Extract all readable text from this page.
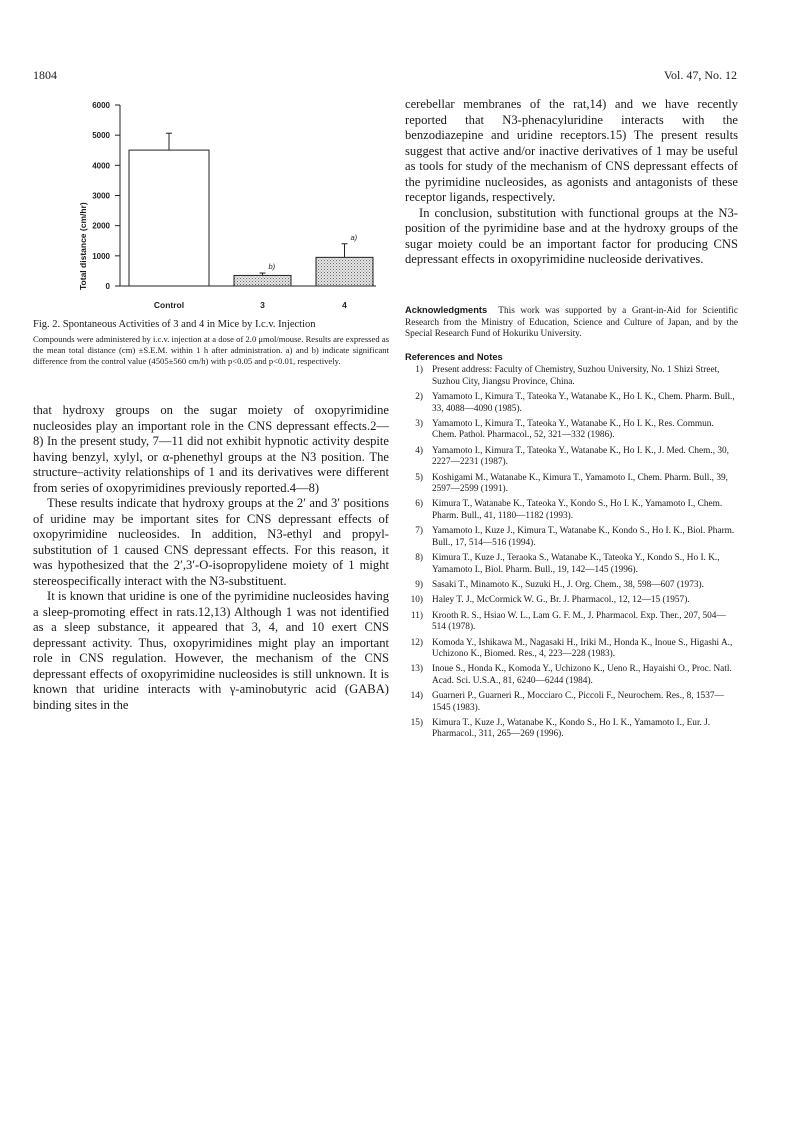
1804	Vol. 47, No. 12
0
1000
2000
3000
4000
5000
6000
Control
b)
3
a)
4
Total distance (cm/hr)
Fig. 2. Spontaneous Activities of 3 and 4 in Mice by I.c.v. Injection
Compounds were administered by i.c.v. injection at a dose of 2.0 μmol/mouse. Results are expressed as the mean total distance (cm) ±S.E.M. within 1 h after administration. a) and b) indicate significant difference from the control value (4505±560 cm/h) with p<0.05 and p<0.01, respectively.

that hydroxy groups on the sugar moiety of oxopyrimidine nucleosides play an important role in the CNS depressant effects.2—8) In the present study, 7—11 did not exhibit hypnotic activity despite having benzyl, xylyl, or α-phenethyl groups at the N3 position. The structure–activity relationships of 1 and its derivatives were different from series of oxopyrimidines previously reported.4—8)

These results indicate that hydroxy groups at the 2′ and 3′ positions of uridine may be important sites for CNS depressant effects of oxopyrimidine nucleosides. In addition, N3-ethyl and propyl-substitution of 1 caused CNS depressant effects. For this reason, it was hypothesized that the 2′,3′-O-isopropylidene moiety of 1 might stereospecifically interact with the N3-substituent.

It is known that uridine is one of the pyrimidine nucleosides having a sleep-promoting effect in rats.12,13) Although 1 was not identified as a sleep substance, it appeared that 3, 4, and 10 exert CNS depressant activity. Thus, oxopyrimidines might play an important role in CNS regulation. However, the mechanism of the CNS depressant effects of oxopyrimidine nucleosides is still unknown. It is known that uridine interacts with γ-aminobutyric acid (GABA) binding sites in the

cerebellar membranes of the rat,14) and we have recently reported that N3-phenacyluridine interacts with the benzodiazepine and uridine receptors.15) The present results suggest that active and/or inactive derivatives of 1 may be useful as tools for study of the mechanism of CNS depressant effects of the pyrimidine nucleosides, as agonists and antagonists of these receptor ligands, respectively.

In conclusion, substitution with functional groups at the N3-position of the pyrimidine base and at the hydroxy groups of the sugar moiety could be an important factor for producing CNS depressant effects in oxopyrimidine nucleoside derivatives.

Acknowledgments This work was supported by a Grant-in-Aid for Scientific Research from the Ministry of Education, Science and Culture of Japan, and by the Special Research Fund of Hokuriku University.
References and Notes
1) Present address: Faculty of Chemistry, Suzhou University, No. 1 Shizi Street, Suzhou City, Jiangsu Province, China.
2) Yamamoto I., Kimura T., Tateoka Y., Watanabe K., Ho I. K., Chem. Pharm. Bull., 33, 4088—4090 (1985).
3) Yamamoto I., Kimura T., Tateoka Y., Watanabe K., Ho I. K., Res. Commun. Chem. Pathol. Pharmacol., 52, 321—332 (1986).
4) Yamamoto I., Kimura T., Tateoka Y., Watanabe K., Ho I. K., J. Med. Chem., 30, 2227—2231 (1987).
5) Koshigami M., Watanabe K., Kimura T., Yamamoto I., Chem. Pharm. Bull., 39, 2597—2599 (1991).
6) Kimura T., Watanabe K., Tateoka Y., Kondo S., Ho I. K., Yamamoto I., Chem. Pharm. Bull., 41, 1180—1182 (1993).
7) Yamamoto I., Kuze J., Kimura T., Watanabe K., Kondo S., Ho I. K., Biol. Pharm. Bull., 17, 514—516 (1994).
8) Kimura T., Kuze J., Teraoka S., Watanabe K., Tateoka Y., Kondo S., Ho I. K., Yamamoto I., Biol. Pharm. Bull., 19, 142—145 (1996).
9) Sasaki T., Minamoto K., Suzuki H., J. Org. Chem., 38, 598—607 (1973).
10) Haley T. J., McCormick W. G., Br. J. Pharmacol., 12, 12—15 (1957).
11) Krooth R. S., Hsiao W. L., Lam G. F. M., J. Pharmacol. Exp. Ther., 207, 504—514 (1978).
12) Komoda Y., Ishikawa M., Nagasaki H., Iriki M., Honda K., Inoue S., Higashi A., Uchizono K., Biomed. Res., 4, 223—228 (1983).
13) Inoue S., Honda K., Komoda Y., Uchizono K., Ueno R., Hayaishi O., Proc. Natl. Acad. Sci. U.S.A., 81, 6240—6244 (1984).
14) Guarneri P., Guarneri R., Mocciaro C., Piccoli F., Neurochem. Res., 8, 1537—1545 (1983).
15) Kimura T., Kuze J., Watanabe K., Kondo S., Ho I. K., Yamamoto I., Eur. J. Pharmacol., 311, 265—269 (1996).
